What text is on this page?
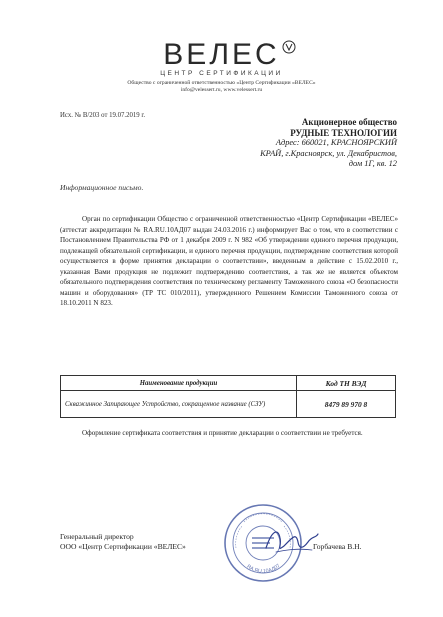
ВЕЛЕС
ЦЕНТР СЕРТИФИКАЦИИ
Общество с ограниченной ответственностью «Центр Сертификации «ВЕЛЕС»
info@velessert.ru, www.velessert.ru
Исх. № В/203 от 19.07.2019 г.
Акционерное общество
РУДНЫЕ ТЕХНОЛОГИИ
Адрес: 660021, КРАСНОЯРСКИЙ
КРАЙ, г.Красноярск, ул. Декабристов,
дом 1Г, кв. 12
Информационное письмо.

Орган по сертификации Общество с ограниченной ответственностью «Центр Сертификации «ВЕЛЕС» (аттестат аккредитации № RA.RU.10АД07 выдан 24.03.2016 г.) информирует Вас о том, что в соответствии с Постановлением Правительства РФ от 1 декабря 2009 г. N 982 «Об утверждении единого перечня продукции, подлежащей обязательной сертификации, и единого перечня продукции, подтверждение соответствия которой осуществляется в форме принятия декларации о соответствии», введенным в действие с 15.02.2010 г., указанная Вами продукция не подлежит подтверждению соответствия, а так же не является объектом обязательного подтверждения соответствия по техническому регламенту Таможенного союза «О безопасности машин и оборудования» (ТР ТС 010/2011), утвержденного Решением Комиссии Таможенного союза от 18.10.2011 N 823.

Наименование продукции	Код ТН ВЭД
Скважинное Запирающее Устройство, сокращенное название (СЗУ)	8479 89 970 8

Оформление сертификата соответствия и принятие декларации о соответствии не требуется.

Генеральный директор
ООО «Центр Сертификации «ВЕЛЕС»
RA.RU.10АД07
Горбачева В.Н.
